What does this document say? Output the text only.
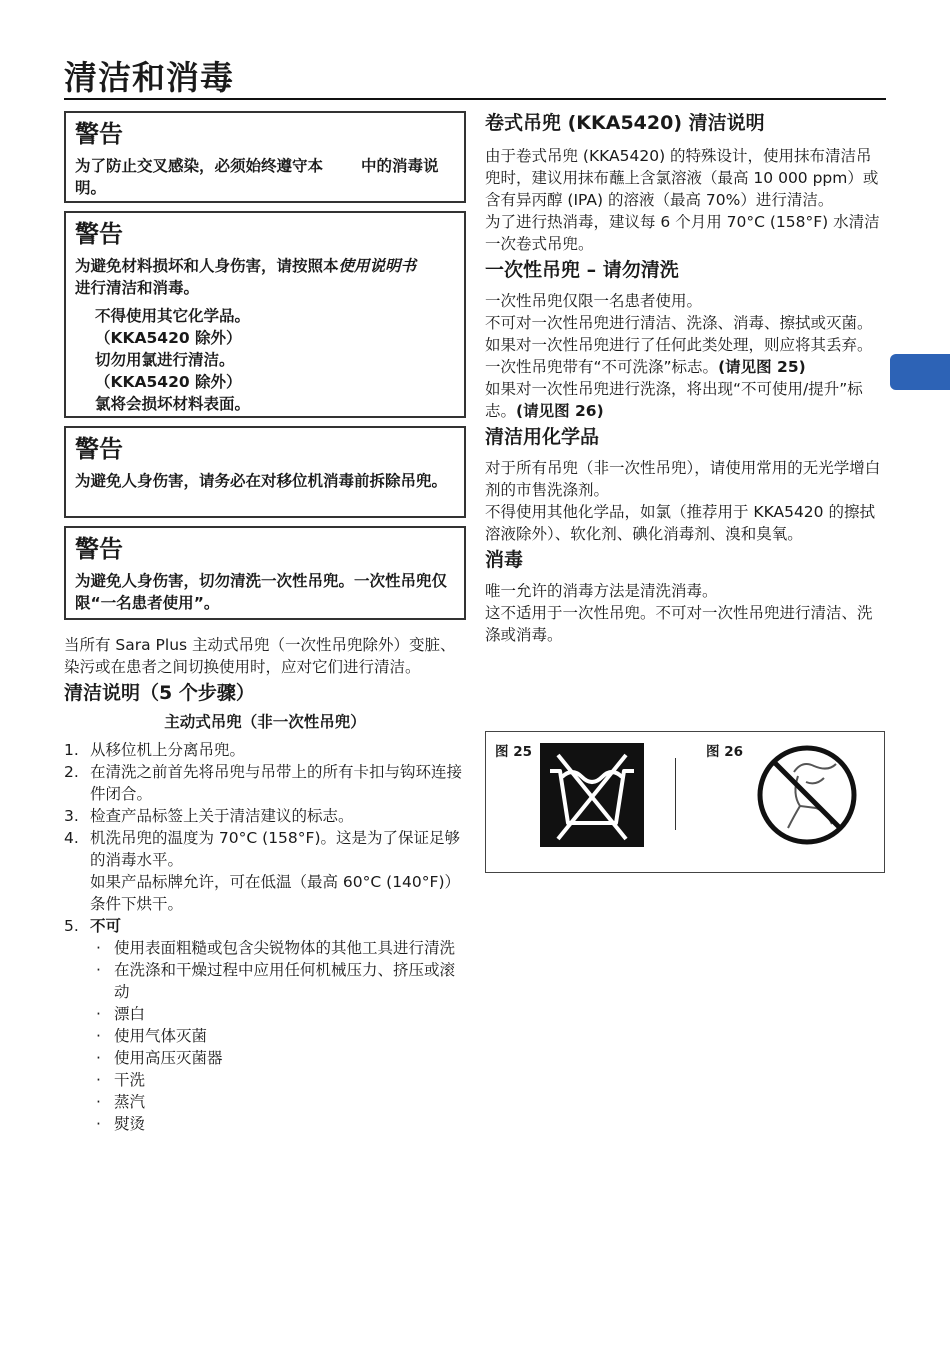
清洁和消毒

警告

为了防止交叉感染，必须始终遵守本 中的消毒说明。

警告

为避免材料损坏和人身伤害，请按照本使用说明书进行清洁和消毒。

不得使用其它化学品。
（KKA5420 除外）
切勿用氯进行清洁。
（KKA5420 除外）
氯将会损坏材料表面。

警告

为避免人身伤害，请务必在对移位机消毒前拆除吊兜。

警告

为避免人身伤害，切勿清洗一次性吊兜。一次性吊兜仅限“一名患者使用”。

当所有 Sara Plus 主动式吊兜（一次性吊兜除外）变脏、染污或在患者之间切换使用时，应对它们进行清洁。

清洁说明（5 个步骤）

主动式吊兜（非一次性吊兜）

1. 从移位机上分离吊兜。
2. 在清洗之前首先将吊兜与吊带上的所有卡扣与钩环连接件闭合。
3. 检查产品标签上关于清洁建议的标志。
4. 机洗吊兜的温度为 70°C (158°F)。这是为了保证足够的消毒水平。
如果产品标牌允许，可在低温（最高 60°C (140°F)）条件下烘干。
5. 不可
· 使用表面粗糙或包含尖锐物体的其他工具进行清洗
· 在洗涤和干燥过程中应用任何机械压力、挤压或滚动
· 漂白
· 使用气体灭菌
· 使用高压灭菌器
· 干洗
· 蒸汽
· 熨烫

卷式吊兜 (KKA5420) 清洁说明

由于卷式吊兜 (KKA5420) 的特殊设计，使用抹布清洁吊兜时，建议用抹布蘸上含氯溶液（最高 10 000 ppm）或含有异丙醇 (IPA) 的溶液（最高 70%）进行清洁。

为了进行热消毒，建议每 6 个月用 70°C (158°F) 水清洁一次卷式吊兜。

一次性吊兜 – 请勿清洗

一次性吊兜仅限一名患者使用。

不可对一次性吊兜进行清洁、洗涤、消毒、擦拭或灭菌。如果对一次性吊兜进行了任何此类处理，则应将其丢弃。

一次性吊兜带有“不可洗涤”标志。(请见图 25)

如果对一次性吊兜进行洗涤，将出现“不可使用/提升”标志。(请见图 26)

清洁用化学品

对于所有吊兜（非一次性吊兜），请使用常用的无光学增白剂的市售洗涤剂。

不得使用其他化学品，如氯（推荐用于 KKA5420 的擦拭溶液除外）、软化剂、碘化消毒剂、溴和臭氧。

消毒

唯一允许的消毒方法是清洗消毒。

这不适用于一次性吊兜。不可对一次性吊兜进行清洁、洗涤或消毒。

图 25	图 26
